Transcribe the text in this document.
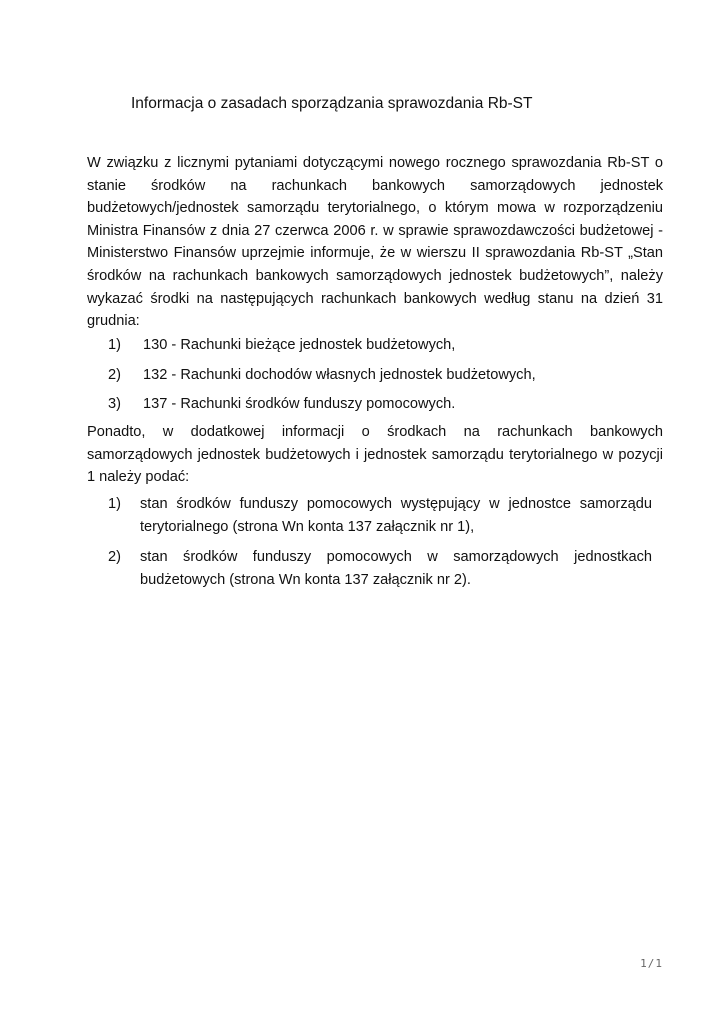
Informacja o zasadach sporządzania sprawozdania Rb-ST
W związku z licznymi pytaniami dotyczącymi nowego rocznego sprawozdania Rb-ST o stanie środków na rachunkach bankowych samorządowych jednostek budżetowych/jednostek samorządu terytorialnego, o którym mowa w rozporządzeniu Ministra Finansów z dnia 27 czerwca 2006 r. w sprawie sprawozdawczości budżetowej - Ministerstwo Finansów uprzejmie informuje, że w wierszu II sprawozdania Rb-ST „Stan środków na rachunkach bankowych samorządowych jednostek budżetowych”, należy wykazać środki na następujących rachunkach bankowych według stanu na dzień 31 grudnia:
1)	130 - Rachunki bieżące jednostek budżetowych,
2)	132 - Rachunki dochodów własnych jednostek budżetowych,
3)	137 - Rachunki środków funduszy pomocowych.
Ponadto, w dodatkowej informacji o środkach na rachunkach bankowych samorządowych jednostek budżetowych i jednostek samorządu terytorialnego w pozycji 1 należy podać:
1)	stan środków funduszy pomocowych występujący w jednostce samorządu terytorialnego (strona Wn konta 137 załącznik nr 1),
2)	stan środków funduszy pomocowych w samorządowych jednostkach budżetowych (strona Wn konta 137 załącznik nr 2).
1/1
